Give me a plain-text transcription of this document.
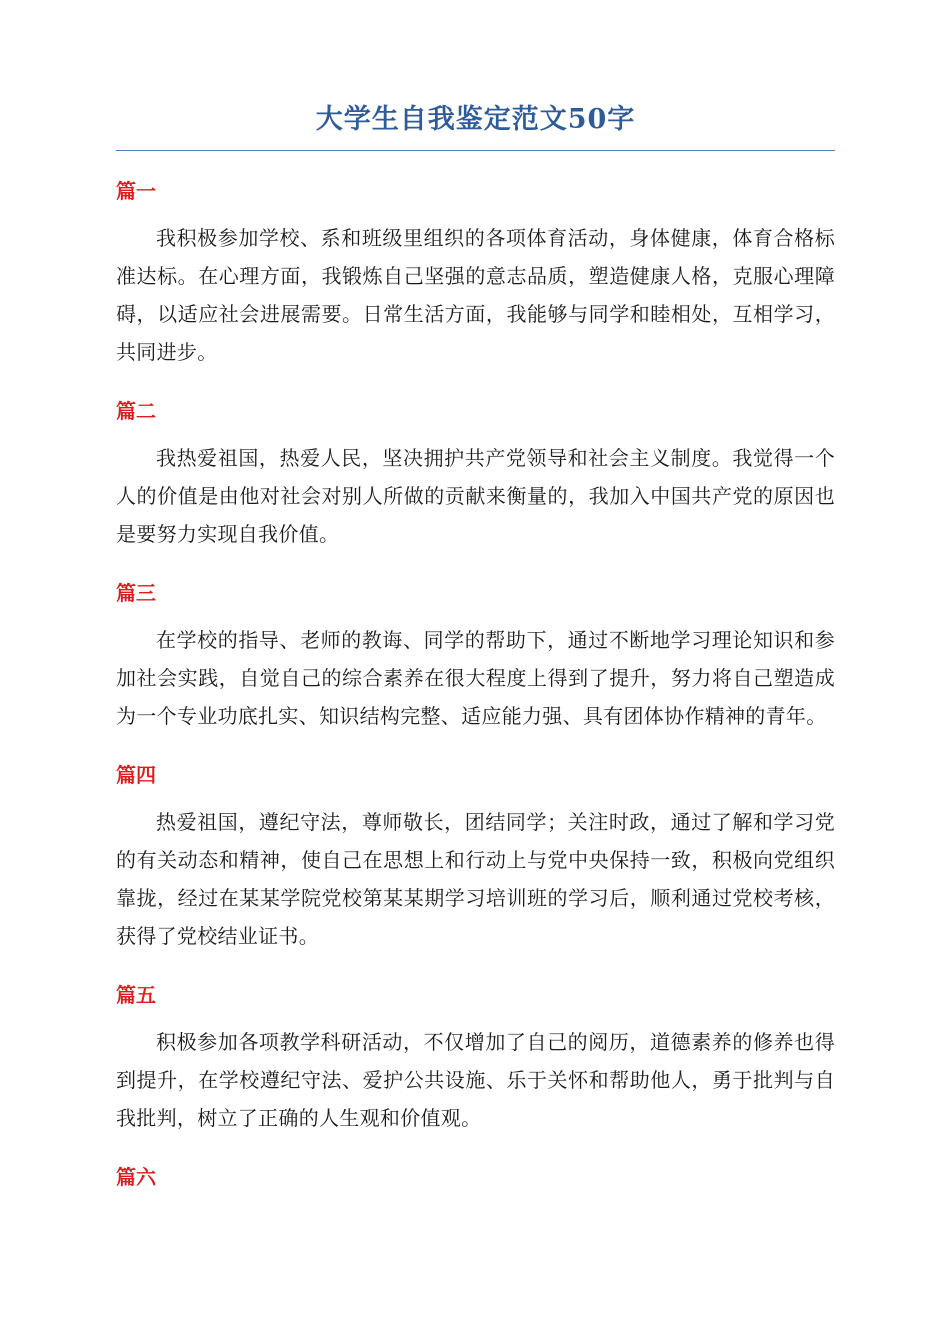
大学生自我鉴定范文50字
篇一

我积极参加学校、系和班级里组织的各项体育活动，身体健康，体育合格标准达标。在心理方面，我锻炼自己坚强的意志品质，塑造健康人格，克服心理障碍，以适应社会进展需要。日常生活方面，我能够与同学和睦相处，互相学习，共同进步。

篇二

我热爱祖国，热爱人民，坚决拥护共产党领导和社会主义制度。我觉得一个人的价值是由他对社会对别人所做的贡献来衡量的，我加入中国共产党的原因也是要努力实现自我价值。

篇三

在学校的指导、老师的教诲、同学的帮助下，通过不断地学习理论知识和参加社会实践，自觉自己的综合素养在很大程度上得到了提升，努力将自己塑造成为一个专业功底扎实、知识结构完整、适应能力强、具有团体协作精神的青年。

篇四

热爱祖国，遵纪守法，尊师敬长，团结同学；关注时政，通过了解和学习党的有关动态和精神，使自己在思想上和行动上与党中央保持一致，积极向党组织靠拢，经过在某某学院党校第某某期学习培训班的学习后，顺利通过党校考核，获得了党校结业证书。

篇五

积极参加各项教学科研活动，不仅增加了自己的阅历，道德素养的修养也得到提升，在学校遵纪守法、爱护公共设施、乐于关怀和帮助他人，勇于批判与自我批判，树立了正确的人生观和价值观。

篇六
